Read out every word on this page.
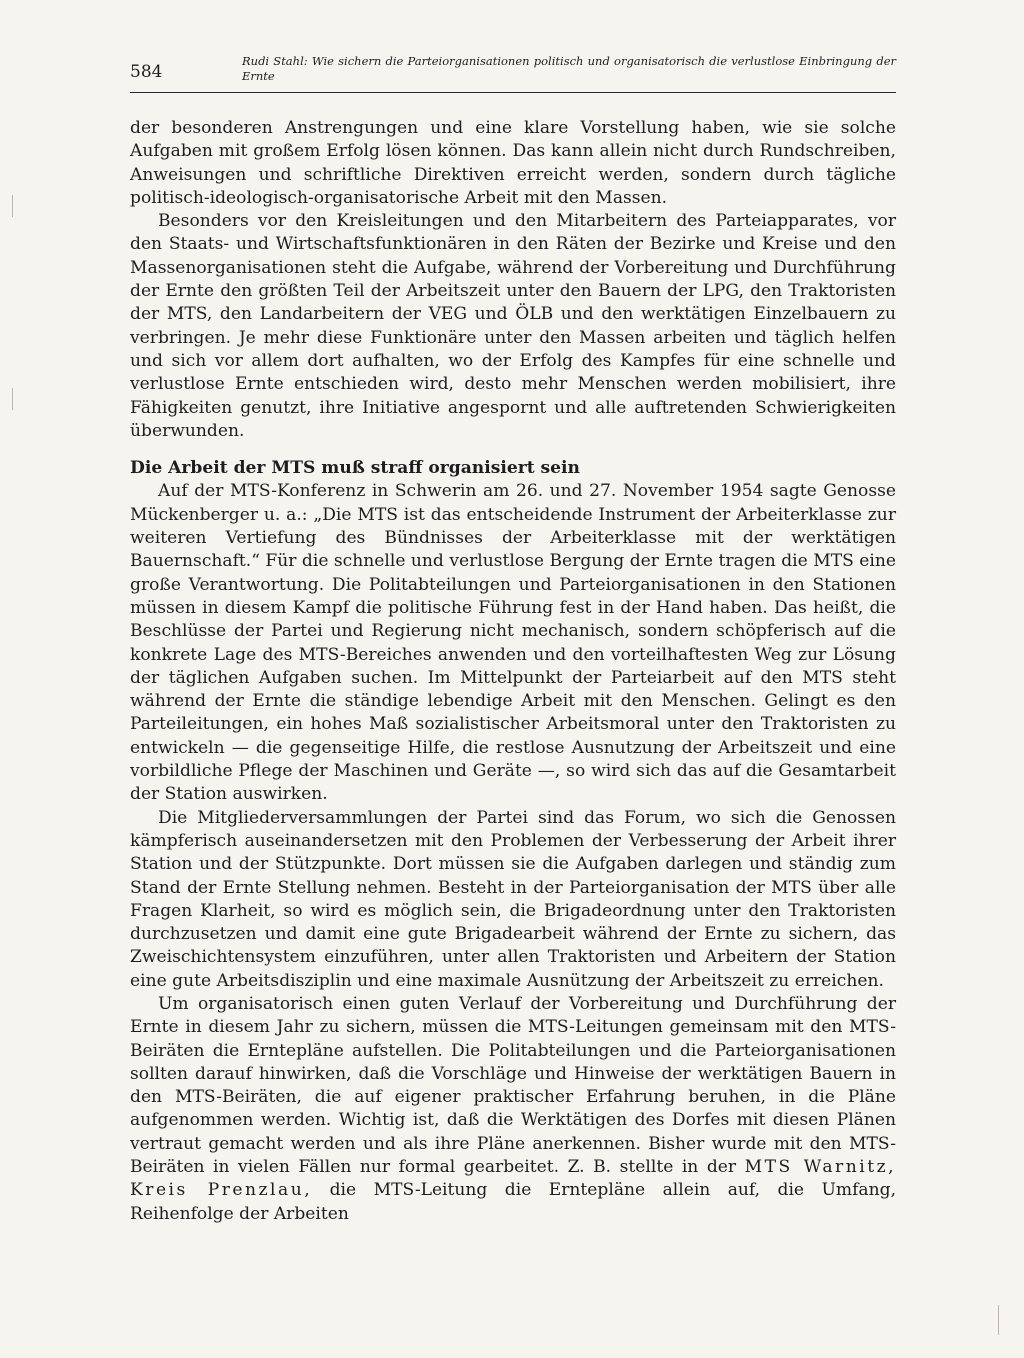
584
Rudi Stahl: Wie sichern die Parteiorganisationen politisch und organisatorisch die verlustlose Einbringung der Ernte

der besonderen Anstrengungen und eine klare Vorstellung haben, wie sie solche Aufgaben mit großem Erfolg lösen können. Das kann allein nicht durch Rundschreiben, Anweisungen und schriftliche Direktiven erreicht werden, sondern durch tägliche politisch-ideologisch-organisatorische Arbeit mit den Massen.

Besonders vor den Kreisleitungen und den Mitarbeitern des Parteiapparates, vor den Staats- und Wirtschaftsfunktionären in den Räten der Bezirke und Kreise und den Massenorganisationen steht die Aufgabe, während der Vorbereitung und Durchführung der Ernte den größten Teil der Arbeitszeit unter den Bauern der LPG, den Traktoristen der MTS, den Landarbeitern der VEG und ÖLB und den werktätigen Einzelbauern zu verbringen. Je mehr diese Funktionäre unter den Massen arbeiten und täglich helfen und sich vor allem dort aufhalten, wo der Erfolg des Kampfes für eine schnelle und verlustlose Ernte entschieden wird, desto mehr Menschen werden mobilisiert, ihre Fähigkeiten genutzt, ihre Initiative angespornt und alle auftretenden Schwierigkeiten überwunden.

Die Arbeit der MTS muß straff organisiert sein

Auf der MTS-Konferenz in Schwerin am 26. und 27. November 1954 sagte Genosse Mückenberger u. a.: „Die MTS ist das entscheidende Instrument der Arbeiterklasse zur weiteren Vertiefung des Bündnisses der Arbeiterklasse mit der werktätigen Bauernschaft.“ Für die schnelle und verlustlose Bergung der Ernte tragen die MTS eine große Verantwortung. Die Politabteilungen und Parteiorganisationen in den Stationen müssen in diesem Kampf die politische Führung fest in der Hand haben. Das heißt, die Beschlüsse der Partei und Regierung nicht mechanisch, sondern schöpferisch auf die konkrete Lage des MTS-Bereiches anwenden und den vorteilhaftesten Weg zur Lösung der täglichen Aufgaben suchen. Im Mittelpunkt der Parteiarbeit auf den MTS steht während der Ernte die ständige lebendige Arbeit mit den Menschen. Gelingt es den Parteileitungen, ein hohes Maß sozialistischer Arbeitsmoral unter den Traktoristen zu entwickeln — die gegenseitige Hilfe, die restlose Ausnutzung der Arbeitszeit und eine vorbildliche Pflege der Maschinen und Geräte —, so wird sich das auf die Gesamtarbeit der Station auswirken.

Die Mitgliederversammlungen der Partei sind das Forum, wo sich die Genossen kämpferisch auseinandersetzen mit den Problemen der Verbesserung der Arbeit ihrer Station und der Stützpunkte. Dort müssen sie die Aufgaben darlegen und ständig zum Stand der Ernte Stellung nehmen. Besteht in der Parteiorganisation der MTS über alle Fragen Klarheit, so wird es möglich sein, die Brigadeordnung unter den Traktoristen durchzusetzen und damit eine gute Brigadearbeit während der Ernte zu sichern, das Zweischichtensystem einzuführen, unter allen Traktoristen und Arbeitern der Station eine gute Arbeitsdisziplin und eine maximale Ausnützung der Arbeitszeit zu erreichen.

Um organisatorisch einen guten Verlauf der Vorbereitung und Durchführung der Ernte in diesem Jahr zu sichern, müssen die MTS-Leitungen gemeinsam mit den MTS-Beiräten die Erntepläne aufstellen. Die Politabteilungen und die Parteiorganisationen sollten darauf hinwirken, daß die Vorschläge und Hinweise der werktätigen Bauern in den MTS-Beiräten, die auf eigener praktischer Erfahrung beruhen, in die Pläne aufgenommen werden. Wichtig ist, daß die Werktätigen des Dorfes mit diesen Plänen vertraut gemacht werden und als ihre Pläne anerkennen. Bisher wurde mit den MTS-Beiräten in vielen Fällen nur formal gearbeitet. Z. B. stellte in der MTS Warnitz, Kreis Prenzlau, die MTS-Leitung die Erntepläne allein auf, die Umfang, Reihenfolge der Arbeiten
